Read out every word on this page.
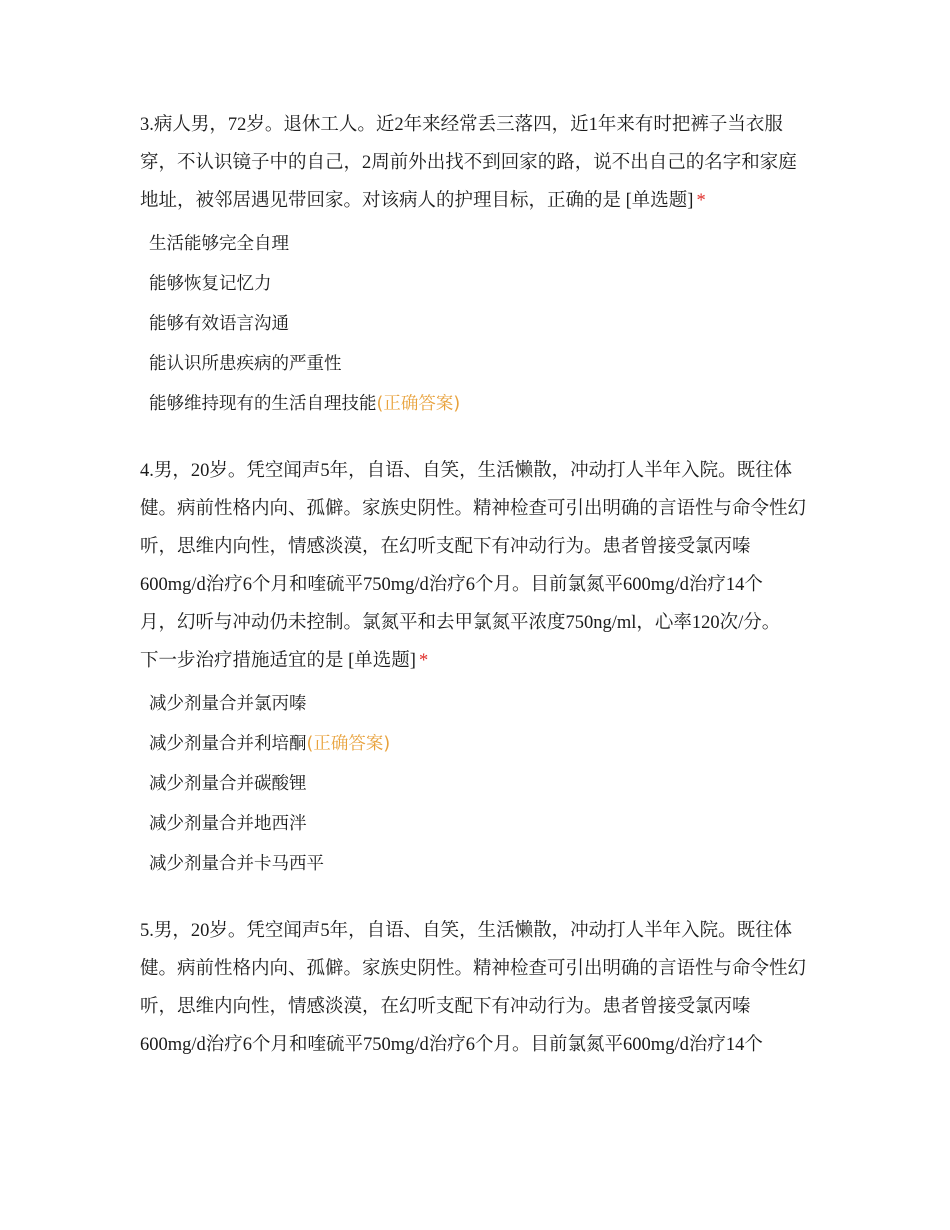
3.病人男，72岁。退休工人。近2年来经常丢三落四，近1年来有时把裤子当衣服
穿，不认识镜子中的自己，2周前外出找不到回家的路，说不出自己的名字和家庭
地址，被邻居遇见带回家。对该病人的护理目标，正确的是 [单选题] *
生活能够完全自理
能够恢复记忆力
能够有效语言沟通
能认识所患疾病的严重性
能够维持现有的生活自理技能(正确答案)
4.男，20岁。凭空闻声5年，自语、自笑，生活懒散，冲动打人半年入院。既往体
健。病前性格内向、孤僻。家族史阴性。精神检查可引出明确的言语性与命令性幻
听，思维内向性，情感淡漠，在幻听支配下有冲动行为。患者曾接受氯丙嗪
600mg/d治疗6个月和喹硫平750mg/d治疗6个月。目前氯氮平600mg/d治疗14个
月，幻听与冲动仍未控制。氯氮平和去甲氯氮平浓度750ng/ml，心率120次/分。
下一步治疗措施适宜的是 [单选题] *
减少剂量合并氯丙嗪
减少剂量合并利培酮(正确答案)
减少剂量合并碳酸锂
减少剂量合并地西泮
减少剂量合并卡马西平
5.男，20岁。凭空闻声5年，自语、自笑，生活懒散，冲动打人半年入院。既往体
健。病前性格内向、孤僻。家族史阴性。精神检查可引出明确的言语性与命令性幻
听，思维内向性，情感淡漠，在幻听支配下有冲动行为。患者曾接受氯丙嗪
600mg/d治疗6个月和喹硫平750mg/d治疗6个月。目前氯氮平600mg/d治疗14个
